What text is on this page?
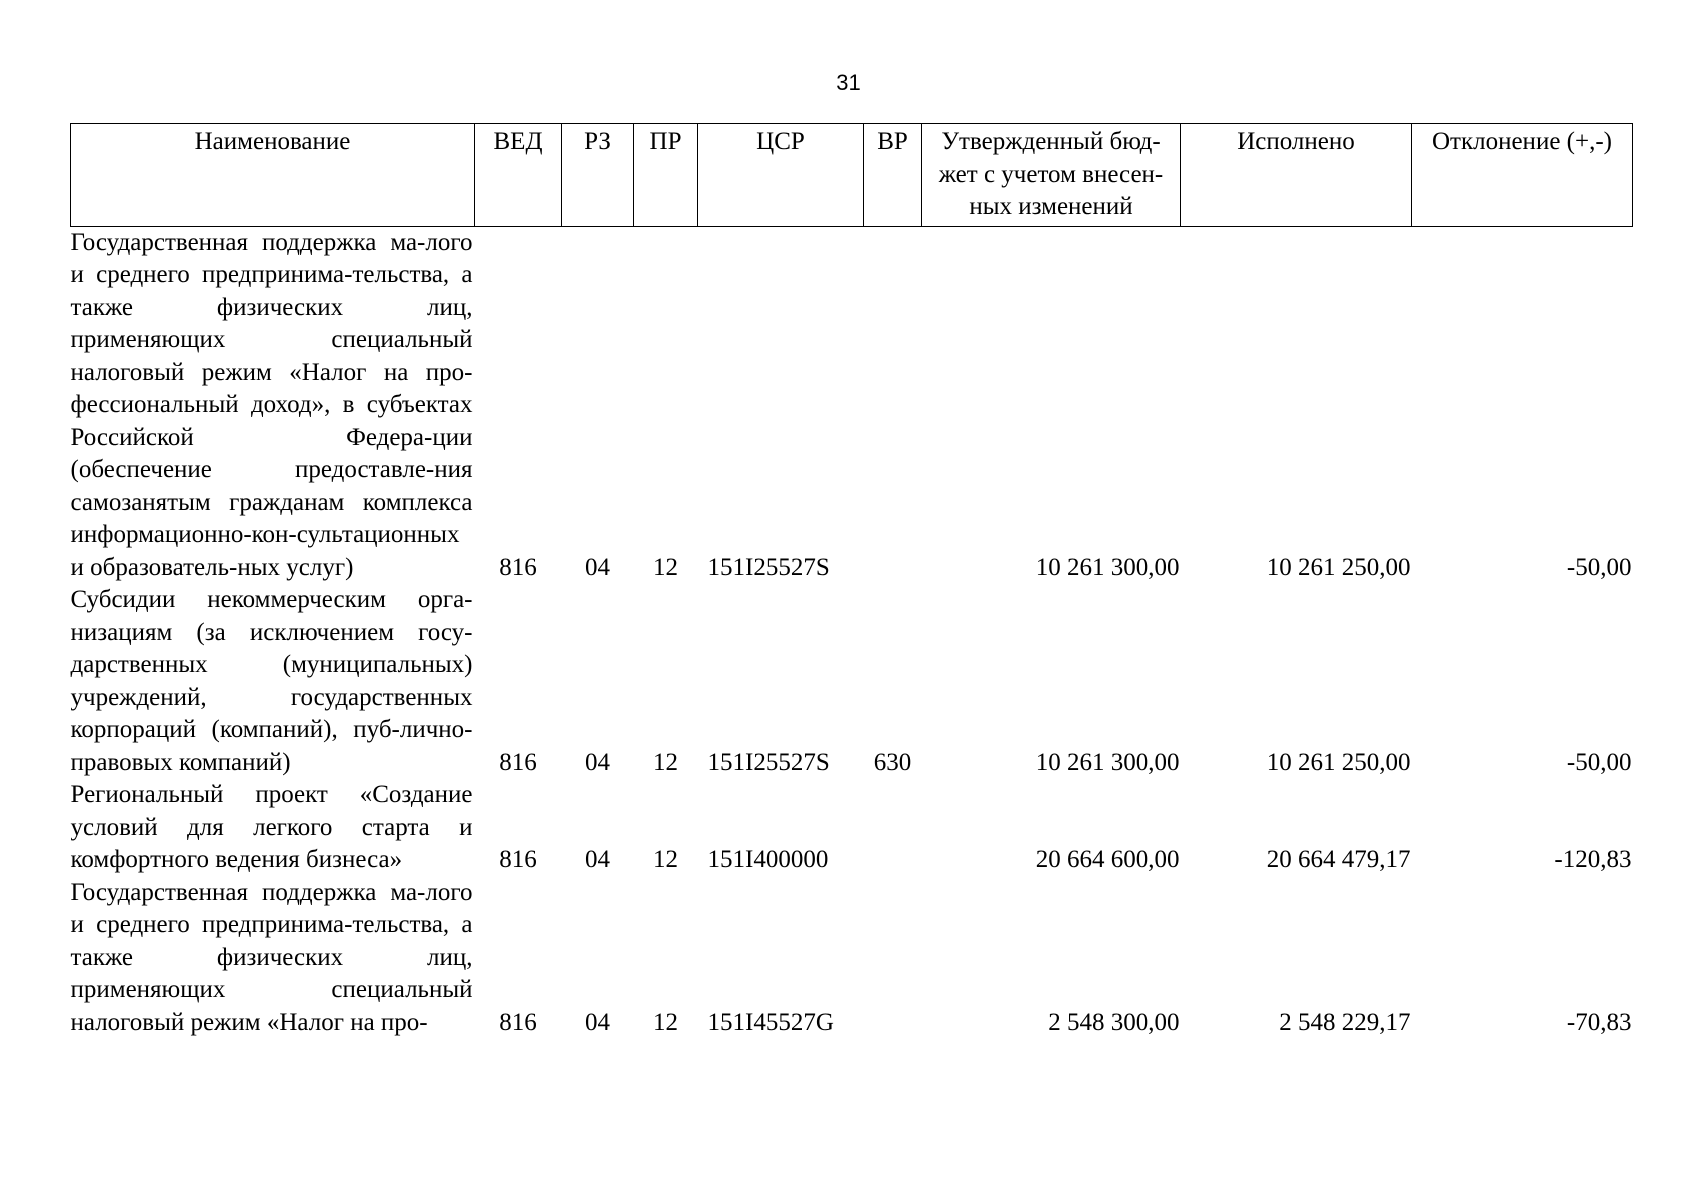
31
Наименование	ВЕД	РЗ	ПР	ЦСР	ВР	Утвержденный бюд-жет с учетом внесен-ных изменений	Исполнено	Отклонение (+,-)
Государственная поддержка ма-лого и среднего предпринима-тельства, а также физических лиц, применяющих специальный налоговый режим «Налог на про-фессиональный доход», в субъектах Российской Федера-ции (обеспечение предоставле-ния самозанятым гражданам комплекса информационно-кон-сультационных и образователь-ных услуг)	816	04	12	151I25527S		10 261 300,00	10 261 250,00	-50,00
Субсидии некоммерческим орга-низациям (за исключением госу-дарственных (муниципальных) учреждений, государственных корпораций (компаний), пуб-лично-правовых компаний)	816	04	12	151I25527S	630	10 261 300,00	10 261 250,00	-50,00
Региональный проект «Создание условий для легкого старта и комфортного ведения бизнеса»	816	04	12	151I400000		20 664 600,00	20 664 479,17	-120,83
Государственная поддержка ма-лого и среднего предпринима-тельства, а также физических лиц, применяющих специальный налоговый режим «Налог на про-	816	04	12	151I45527G		2 548 300,00	2 548 229,17	-70,83
